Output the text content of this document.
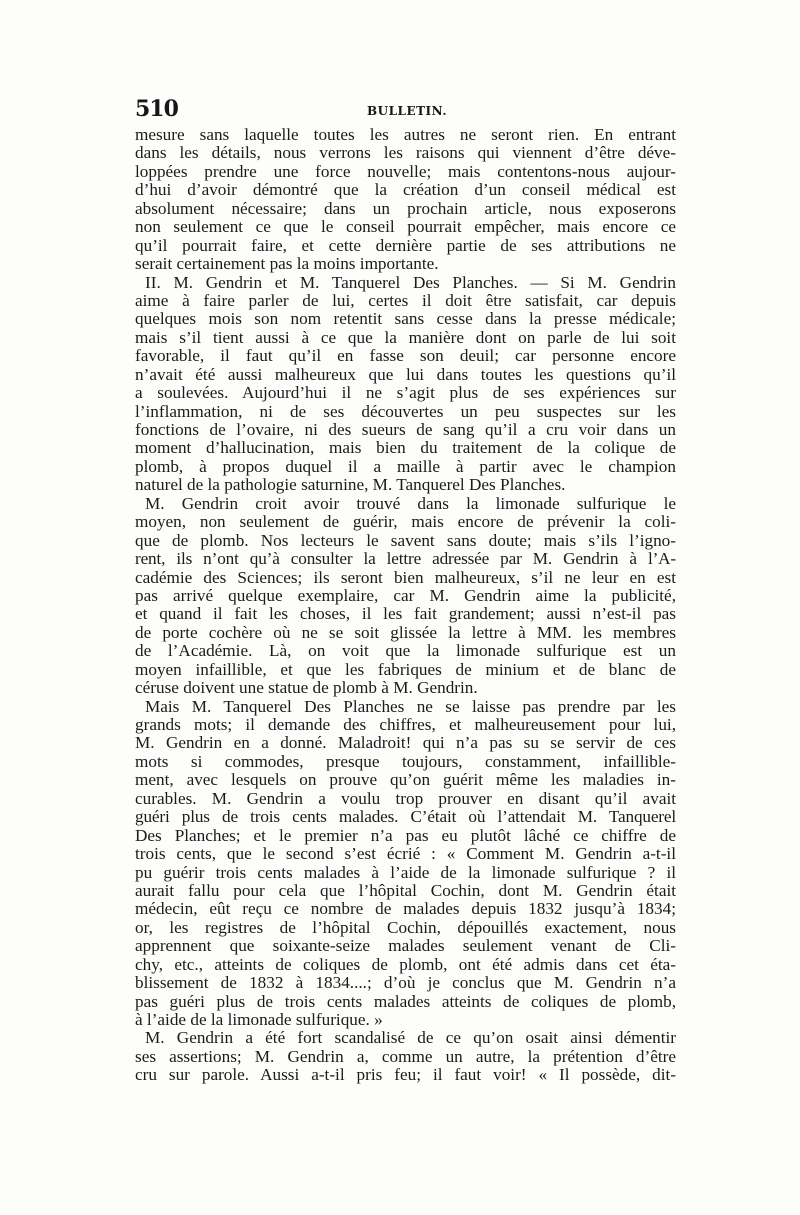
510	BULLETIN.
mesure sans laquelle toutes les autres ne seront rien. En entrant
dans les détails, nous verrons les raisons qui viennent d’être déve-
loppées prendre une force nouvelle; mais contentons-nous aujour-
d’hui d’avoir démontré que la création d’un conseil médical est
absolument nécessaire; dans un prochain article, nous exposerons
non seulement ce que le conseil pourrait empêcher, mais encore ce
qu’il pourrait faire, et cette dernière partie de ses attributions ne
serait certainement pas la moins importante.
II. M. Gendrin et M. Tanquerel Des Planches. — Si M. Gendrin
aime à faire parler de lui, certes il doit être satisfait, car depuis
quelques mois son nom retentit sans cesse dans la presse médicale;
mais s’il tient aussi à ce que la manière dont on parle de lui soit
favorable, il faut qu’il en fasse son deuil; car personne encore
n’avait été aussi malheureux que lui dans toutes les questions qu’il
a soulevées. Aujourd’hui il ne s’agit plus de ses expériences sur
l’inflammation, ni de ses découvertes un peu suspectes sur les
fonctions de l’ovaire, ni des sueurs de sang qu’il a cru voir dans un
moment d’hallucination, mais bien du traitement de la colique de
plomb, à propos duquel il a maille à partir avec le champion
naturel de la pathologie saturnine, M. Tanquerel Des Planches.
M. Gendrin croit avoir trouvé dans la limonade sulfurique le
moyen, non seulement de guérir, mais encore de prévenir la coli-
que de plomb. Nos lecteurs le savent sans doute; mais s’ils l’igno-
rent, ils n’ont qu’à consulter la lettre adressée par M. Gendrin à l’A-
cadémie des Sciences; ils seront bien malheureux, s’il ne leur en est
pas arrivé quelque exemplaire, car M. Gendrin aime la publicité,
et quand il fait les choses, il les fait grandement; aussi n’est-il pas
de porte cochère où ne se soit glissée la lettre à MM. les membres
de l’Académie. Là, on voit que la limonade sulfurique est un
moyen infaillible, et que les fabriques de minium et de blanc de
céruse doivent une statue de plomb à M. Gendrin.
Mais M. Tanquerel Des Planches ne se laisse pas prendre par les
grands mots; il demande des chiffres, et malheureusement pour lui,
M. Gendrin en a donné. Maladroit! qui n’a pas su se servir de ces
mots si commodes, presque toujours, constamment, infaillible-
ment, avec lesquels on prouve qu’on guérit même les maladies in-
curables. M. Gendrin a voulu trop prouver en disant qu’il avait
guéri plus de trois cents malades. C’était où l’attendait M. Tanquerel
Des Planches; et le premier n’a pas eu plutôt lâché ce chiffre de
trois cents, que le second s’est écrié : « Comment M. Gendrin a-t-il
pu guérir trois cents malades à l’aide de la limonade sulfurique ? il
aurait fallu pour cela que l’hôpital Cochin, dont M. Gendrin était
médecin, eût reçu ce nombre de malades depuis 1832 jusqu’à 1834;
or, les registres de l’hôpital Cochin, dépouillés exactement, nous
apprennent que soixante-seize malades seulement venant de Cli-
chy, etc., atteints de coliques de plomb, ont été admis dans cet éta-
blissement de 1832 à 1834....; d’où je conclus que M. Gendrin n’a
pas guéri plus de trois cents malades atteints de coliques de plomb,
à l’aide de la limonade sulfurique. »
M. Gendrin a été fort scandalisé de ce qu’on osait ainsi démentir
ses assertions; M. Gendrin a, comme un autre, la prétention d’être
cru sur parole. Aussi a-t-il pris feu; il faut voir! « Il possède, dit-
